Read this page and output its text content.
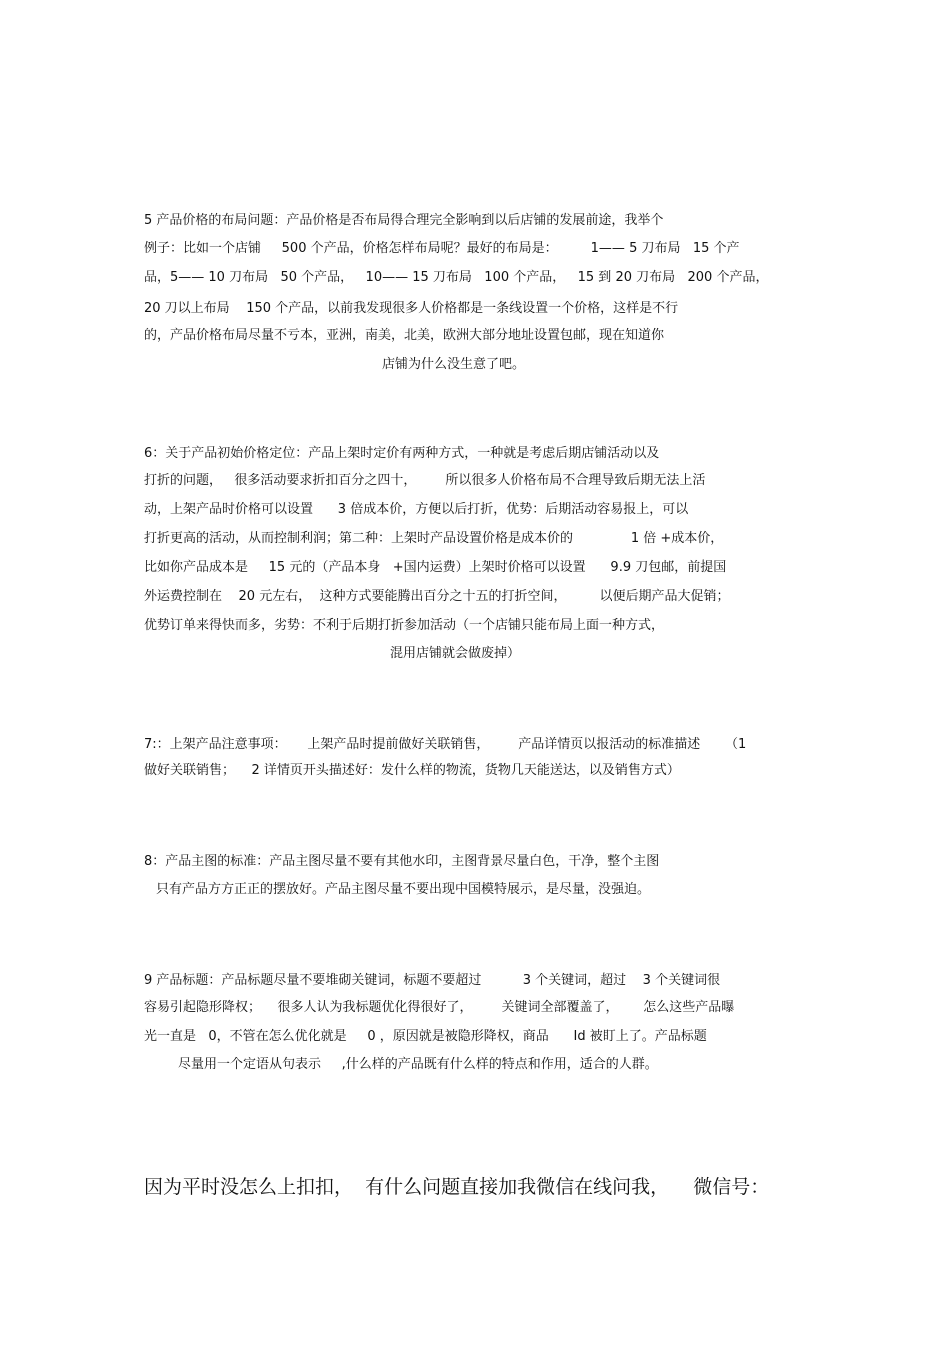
5 产品价格的布局问题：产品价格是否布局得合理完全影响到以后店铺的发展前途，我举个
例子：比如一个店铺     500 个产品，价格怎样布局呢？最好的布局是：        1—— 5 刀布局   15 个产
品，5—— 10 刀布局   50 个产品，   10—— 15 刀布局   100 个产品，   15 到 20 刀布局   200 个产品，
20 刀以上布局    150 个产品，以前我发现很多人价格都是一条线设置一个价格，这样是不行
的，产品价格布局尽量不亏本，亚洲，南美，北美，欧洲大部分地址设置包邮，现在知道你
店铺为什么没生意了吧。
6：关于产品初始价格定位：产品上架时定价有两种方式，一种就是考虑后期店铺活动以及
打折的问题，   很多活动要求折扣百分之四十，       所以很多人价格布局不合理导致后期无法上活
动，上架产品时价格可以设置      3 倍成本价，方便以后打折，优势：后期活动容易报上，可以
打折更高的活动，从而控制利润；第二种：上架时产品设置价格是成本价的              1 倍 +成本价，
比如你产品成本是     15 元的（产品本身   +国内运费）上架时价格可以设置      9.9 刀包邮，前提国
外运费控制在    20 元左右，  这种方式要能腾出百分之十五的打折空间，        以便后期产品大促销；
优势订单来得快而多，劣势：不利于后期打折参加活动（一个店铺只能布局上面一种方式，
混用店铺就会做废掉）
7:：上架产品注意事项：     上架产品时提前做好关联销售，       产品详情页以报活动的标准描述      （1
做好关联销售；    2 详情页开头描述好：发什么样的物流，货物几天能送达，以及销售方式）
8：产品主图的标准：产品主图尽量不要有其他水印，主图背景尽量白色，干净，整个主图
只有产品方方正正的摆放好。产品主图尽量不要出现中国模特展示，是尽量，没强迫。
9 产品标题：产品标题尽量不要堆砌关键词，标题不要超过          3 个关键词，超过    3 个关键词很
容易引起隐形降权；    很多人认为我标题优化得很好了，       关键词全部覆盖了，      怎么这些产品曝
光一直是   0，不管在怎么优化就是     0 ，原因就是被隐形降权，商品      Id 被盯上了。产品标题
尽量用一个定语从句表示     ,什么样的产品既有什么样的特点和作用，适合的人群。
因为平时没怎么上扣扣，  有什么问题直接加我微信在线问我，    微信号：
